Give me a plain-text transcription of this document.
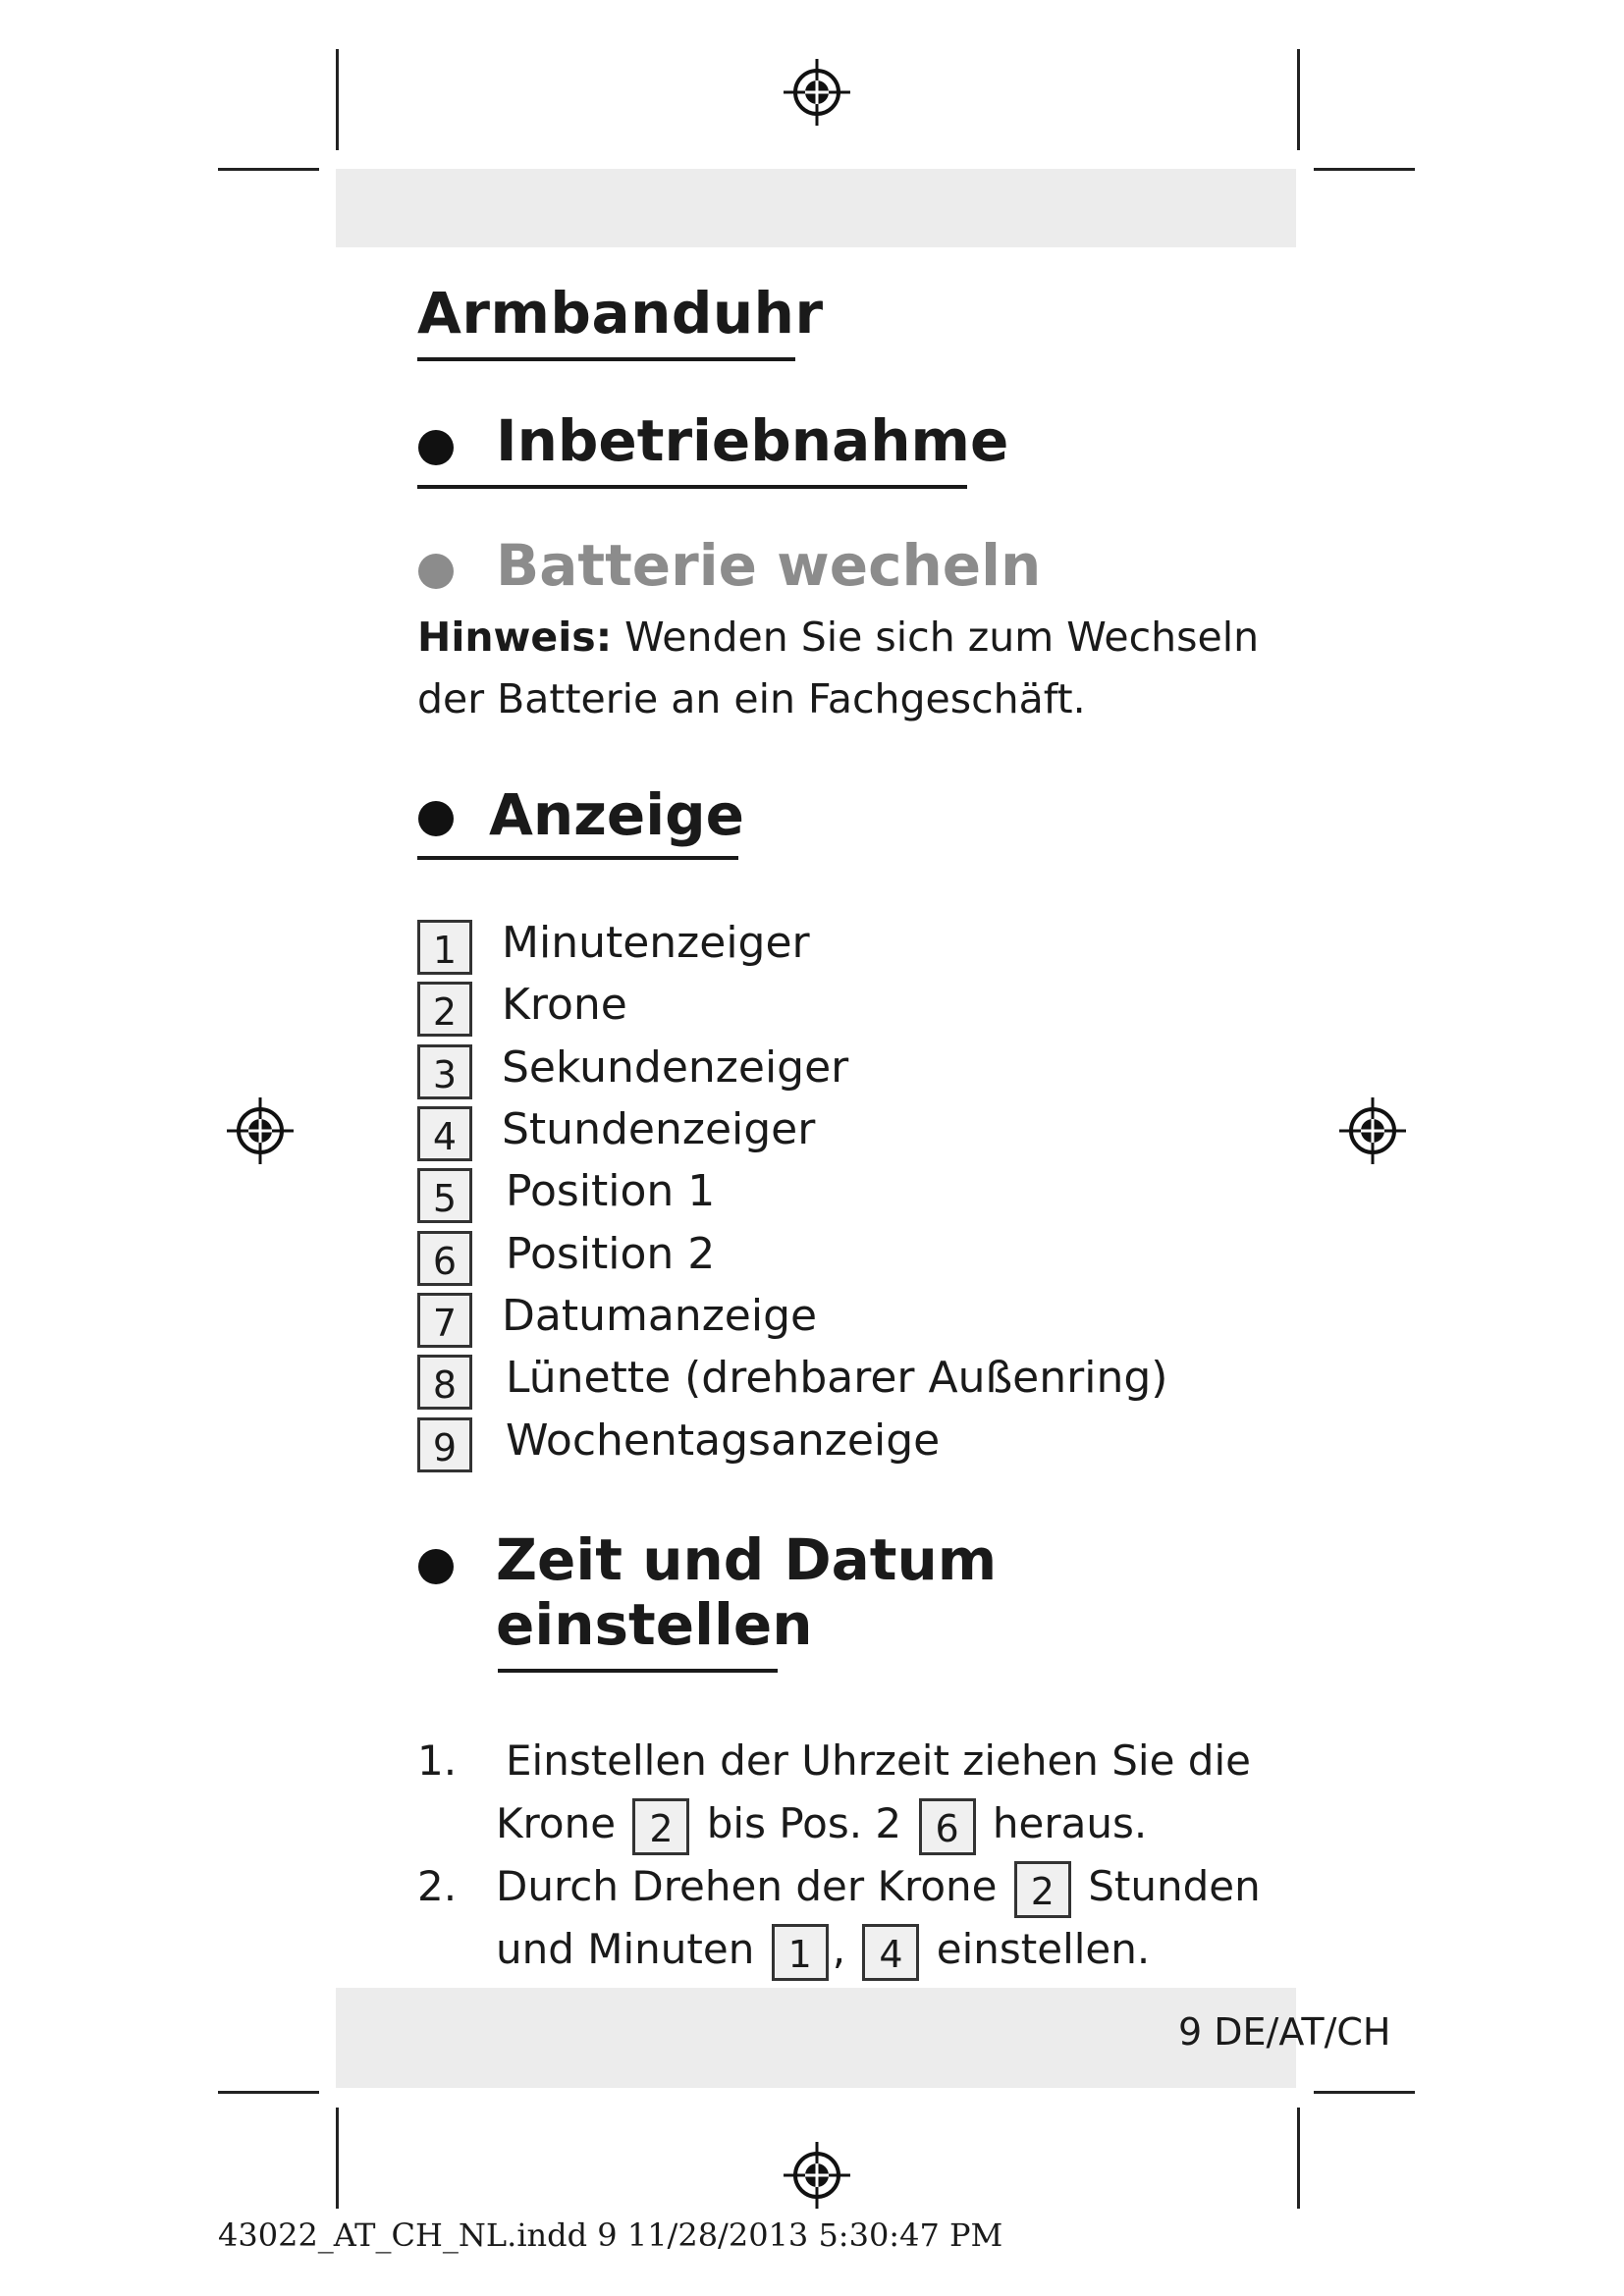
Armbanduhr
Inbetriebnahme
Batterie wecheln
Hinweis: Wenden Sie sich zum Wechseln
der Batterie an ein Fachgeschäft.
Anzeige
1 Minutenzeiger
2 Krone
3 Sekundenzeiger
4 Stundenzeiger
5 Position 1
6 Position 2
7 Datumanzeige
8 Lünette (drehbarer Außenring)
9 Wochentagsanzeige
Zeit und Datum
einstellen
1. Einstellen der Uhrzeit ziehen Sie die
Krone 2 bis Pos. 2 6 heraus.
2. Durch Drehen der Krone 2 Stunden
und Minuten 1 , 4 einstellen.
9 DE/AT/CH
43022_AT_CH_NL.indd 9 11/28/2013 5:30:47 PM
